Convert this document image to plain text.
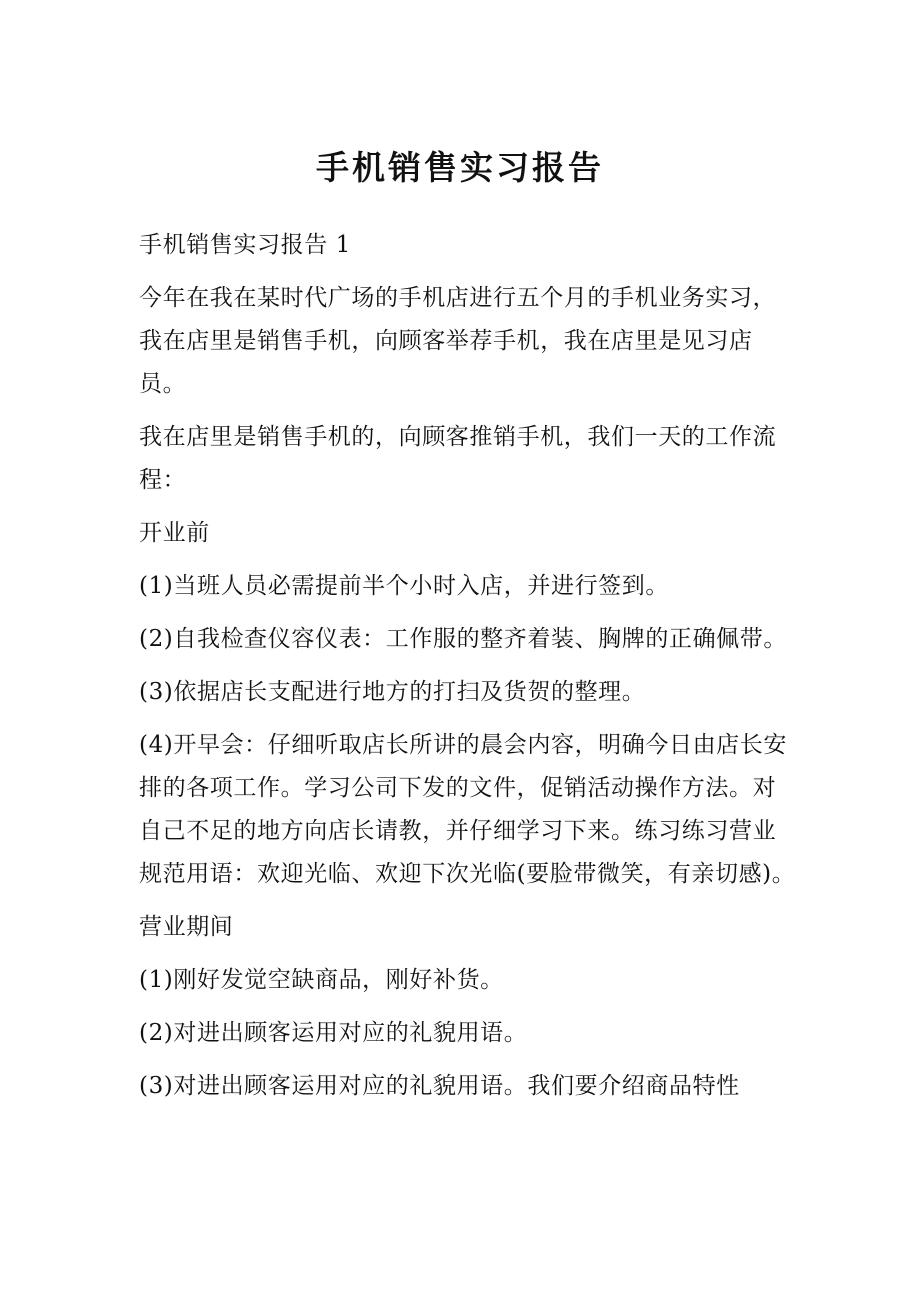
手机销售实习报告

手机销售实习报告 1

今年在我在某时代广场的手机店进行五个月的手机业务实习，我在店里是销售手机，向顾客举荐手机，我在店里是见习店员。

我在店里是销售手机的，向顾客推销手机，我们一天的工作流程：

开业前

(1)当班人员必需提前半个小时入店，并进行签到。

(2)自我检查仪容仪表：工作服的整齐着装、胸牌的正确佩带。

(3)依据店长支配进行地方的打扫及货贺的整理。

(4)开早会：仔细听取店长所讲的晨会内容，明确今日由店长安排的各项工作。学习公司下发的文件，促销活动操作方法。对自己不足的地方向店长请教，并仔细学习下来。练习练习营业规范用语：欢迎光临、欢迎下次光临(要脸带微笑，有亲切感)。

营业期间

(1)刚好发觉空缺商品，刚好补货。

(2)对进出顾客运用对应的礼貌用语。

(3)对进出顾客运用对应的礼貌用语。我们要介绍商品特性
